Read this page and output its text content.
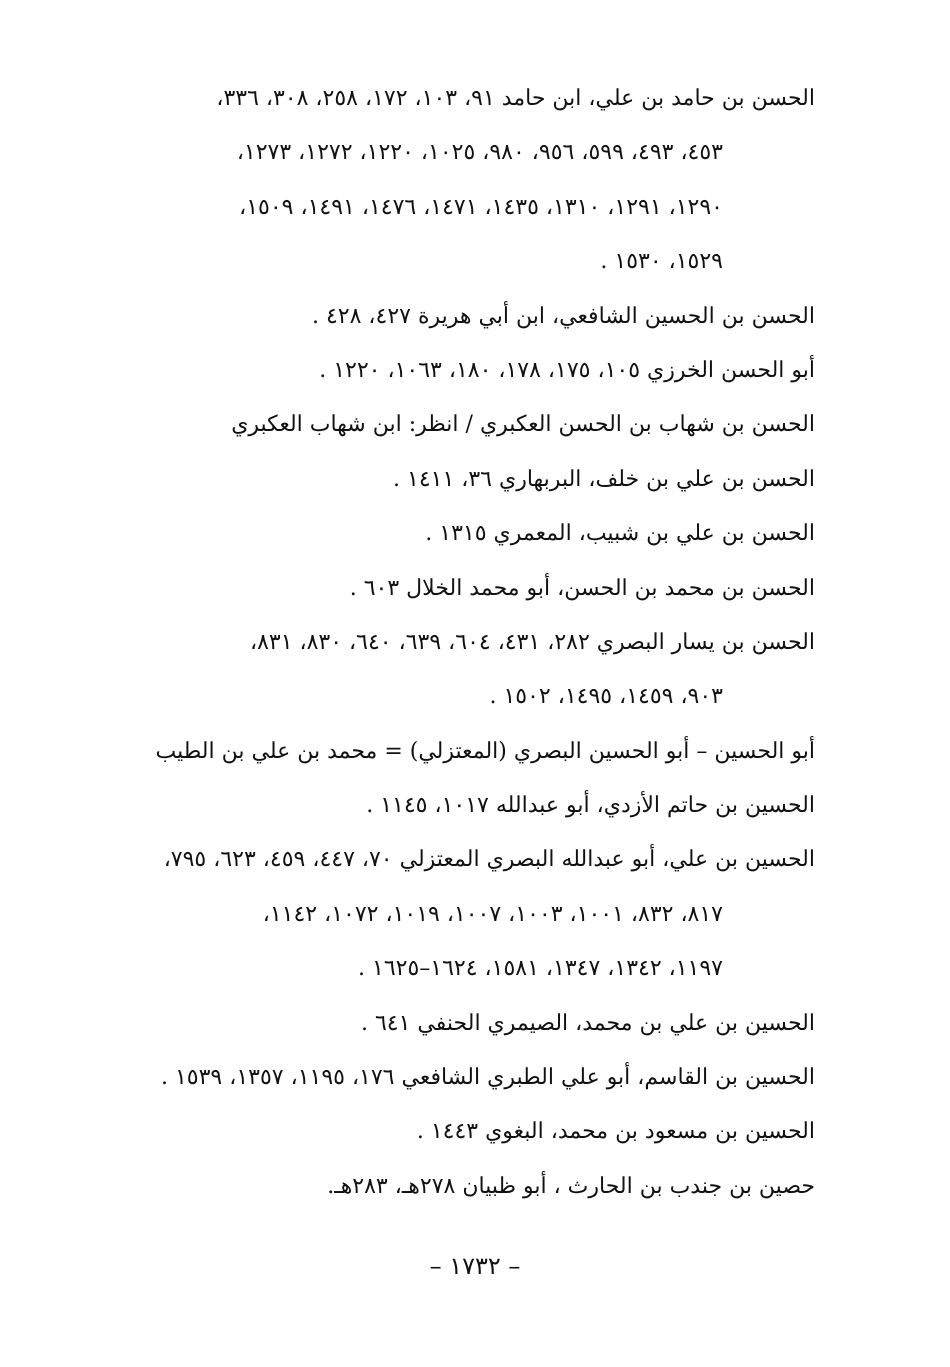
الحسن بن حامد بن علي، ابن حامد ٩١، ١٠٣، ١٧٢، ٢٥٨، ٣٠٨، ٣٣٦،
٤٥٣، ٤٩٣، ٥٩٩، ٩٥٦، ٩٨٠، ١٠٢٥، ١٢٢٠، ١٢٧٢، ١٢٧٣،
١٢٩٠، ١٢٩١، ١٣١٠، ١٤٣٥، ١٤٧١، ١٤٧٦، ١٤٩١، ١٥٠٩،
١٥٢٩، ١٥٣٠ .
الحسن بن الحسين الشافعي، ابن أبي هريرة ٤٢٧، ٤٢٨ .
أبو الحسن الخرزي ١٠٥، ١٧٥، ١٧٨، ١٨٠، ١٠٦٣، ١٢٢٠ .
الحسن بن شهاب بن الحسن العكبري / انظر: ابن شهاب العكبري
الحسن بن علي بن خلف، البربهاري ٣٦، ١٤١١ .
الحسن بن علي بن شبيب، المعمري ١٣١٥ .
الحسن بن محمد بن الحسن، أبو محمد الخلال ٦٠٣ .
الحسن بن يسار البصري ٢٨٢، ٤٣١، ٦٠٤، ٦٣٩، ٦٤٠، ٨٣٠، ٨٣١،
٩٠٣، ١٤٥٩، ١٤٩٥، ١٥٠٢ .
أبو الحسين – أبو الحسين البصري (المعتزلي) = محمد بن علي بن الطيب
الحسين بن حاتم الأزدي، أبو عبدالله ١٠١٧، ١١٤٥ .
الحسين بن علي، أبو عبدالله البصري المعتزلي ٧٠، ٤٤٧، ٤٥٩، ٦٢٣، ٧٩٥،
٨١٧، ٨٣٢، ١٠٠١، ١٠٠٣، ١٠٠٧، ١٠١٩، ١٠٧٢، ١١٤٢،
١١٩٧، ١٣٤٢، ١٣٤٧، ١٥٨١، ١٦٢٤–١٦٢٥ .
الحسين بن علي بن محمد، الصيمري الحنفي ٦٤١ .
الحسين بن القاسم، أبو علي الطبري الشافعي ١٧٦، ١١٩٥، ١٣٥٧، ١٥٣٩ .
الحسين بن مسعود بن محمد، البغوي ١٤٤٣ .
حصين بن جندب بن الحارث ، أبو ظبيان ٢٧٨هـ، ٢٨٣هـ.
– ١٧٣٢ –
